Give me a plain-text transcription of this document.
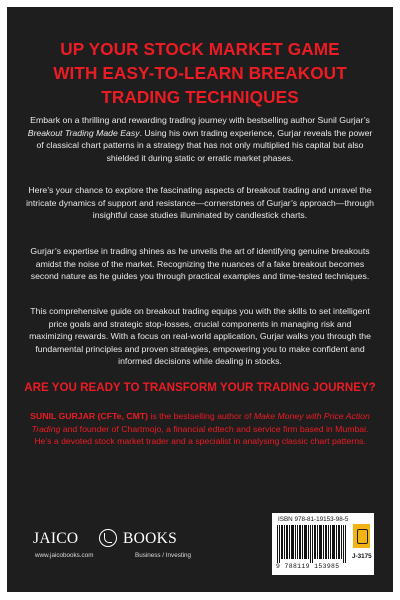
UP YOUR STOCK MARKET GAME
WITH EASY-TO-LEARN BREAKOUT
TRADING TECHNIQUES

Embark on a thrilling and rewarding trading journey with bestselling author Sunil Gurjar’s Breakout Trading Made Easy. Using his own trading experience, Gurjar reveals the power of classical chart patterns in a strategy that has not only multiplied his capital but also shielded it during static or erratic market phases.

Here’s your chance to explore the fascinating aspects of breakout trading and unravel the intricate dynamics of support and resistance—cornerstones of Gurjar’s approach—through insightful case studies illuminated by candlestick charts.

Gurjar’s expertise in trading shines as he unveils the art of identifying genuine breakouts amidst the noise of the market. Recognizing the nuances of a fake breakout becomes second nature as he guides you through practical examples and time-tested techniques.

This comprehensive guide on breakout trading equips you with the skills to set intelligent price goals and strategic stop-losses, crucial components in managing risk and maximizing rewards. With a focus on real-world application, Gurjar walks you through the fundamental principles and proven strategies, empowering you to make confident and informed decisions while dealing in stocks.

ARE YOU READY TO TRANSFORM YOUR TRADING JOURNEY?

SUNIL GURJAR (CFTe, CMT) is the bestselling author of Make Money with Price Action Trading and founder of Chartmojo, a financial edtech and service firm based in Mumbai. He’s a devoted stock market trader and a specialist in analysing classic chart patterns.

JAICO	BOOKS
www.jaicobooks.com	Business / Investing
ISBN 978-81-19153-98-5
9 788119 153985
J-3175
